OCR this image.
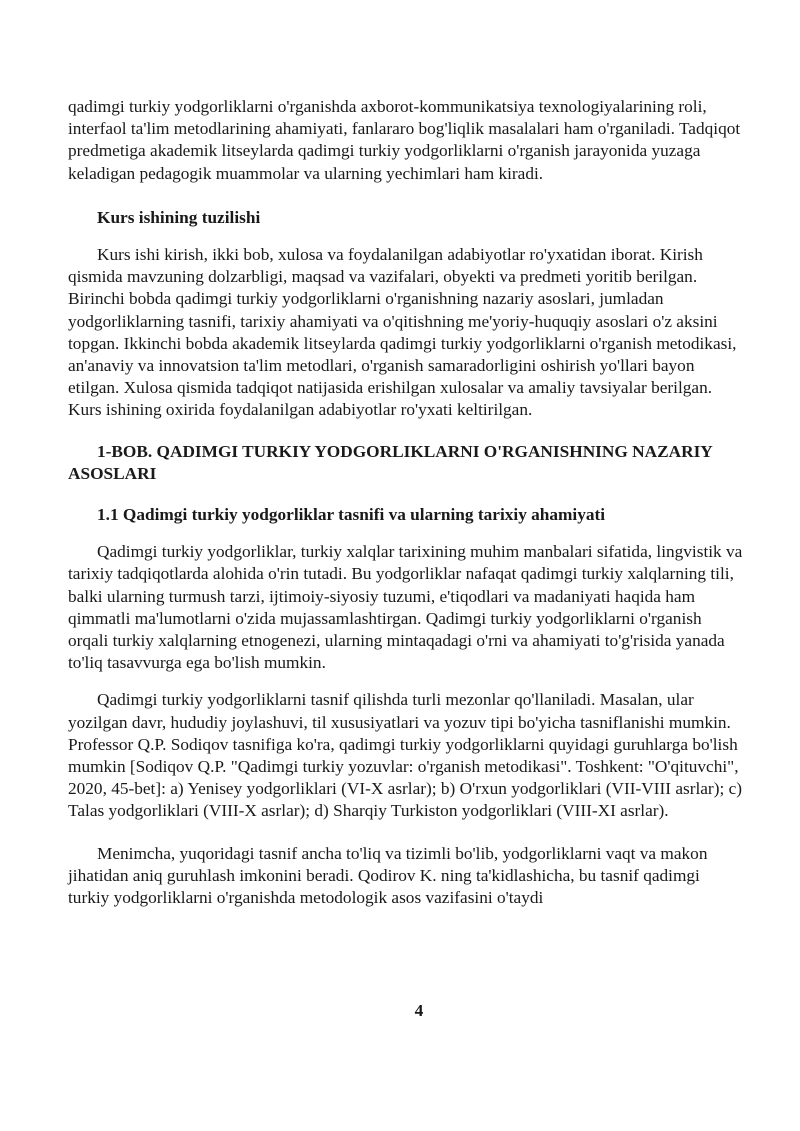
qadimgi turkiy yodgorliklarni o'rganishda axborot-kommunikatsiya texnologiyalarining roli, interfaol ta'lim metodlarining ahamiyati, fanlararo bog'liqlik masalalari ham o'rganiladi. Tadqiqot predmetiga akademik litseylarda qadimgi turkiy yodgorliklarni o'rganish jarayonida yuzaga keladigan pedagogik muammolar va ularning yechimlari ham kiradi.

Kurs ishining tuzilishi

Kurs ishi kirish, ikki bob, xulosa va foydalanilgan adabiyotlar ro'yxatidan iborat. Kirish qismida mavzuning dolzarbligi, maqsad va vazifalari, obyekti va predmeti yoritib berilgan. Birinchi bobda qadimgi turkiy yodgorliklarni o'rganishning nazariy asoslari, jumladan yodgorliklarning tasnifi, tarixiy ahamiyati va o'qitishning me'yoriy-huquqiy asoslari o'z aksini topgan. Ikkinchi bobda akademik litseylarda qadimgi turkiy yodgorliklarni o'rganish metodikasi, an'anaviy va innovatsion ta'lim metodlari, o'rganish samaradorligini oshirish yo'llari bayon etilgan. Xulosa qismida tadqiqot natijasida erishilgan xulosalar va amaliy tavsiyalar berilgan. Kurs ishining oxirida foydalanilgan adabiyotlar ro'yxati keltirilgan.

1-BOB. QADIMGI TURKIY YODGORLIKLARNI O'RGANISHNING NAZARIY ASOSLARI

1.1 Qadimgi turkiy yodgorliklar tasnifi va ularning tarixiy ahamiyati

Qadimgi turkiy yodgorliklar, turkiy xalqlar tarixining muhim manbalari sifatida, lingvistik va tarixiy tadqiqotlarda alohida o'rin tutadi. Bu yodgorliklar nafaqat qadimgi turkiy xalqlarning tili, balki ularning turmush tarzi, ijtimoiy-siyosiy tuzumi, e'tiqodlari va madaniyati haqida ham qimmatli ma'lumotlarni o'zida mujassamlashtirgan. Qadimgi turkiy yodgorliklarni o'rganish orqali turkiy xalqlarning etnogenezi, ularning mintaqadagi o'rni va ahamiyati to'g'risida yanada to'liq tasavvurga ega bo'lish mumkin.

Qadimgi turkiy yodgorliklarni tasnif qilishda turli mezonlar qo'llaniladi. Masalan, ular yozilgan davr, hududiy joylashuvi, til xususiyatlari va yozuv tipi bo'yicha tasniflanishi mumkin. Professor Q.P. Sodiqov tasnifiga ko'ra, qadimgi turkiy yodgorliklarni quyidagi guruhlarga bo'lish mumkin [Sodiqov Q.P. "Qadimgi turkiy yozuvlar: o'rganish metodikasi". Toshkent: "O'qituvchi", 2020, 45-bet]: a) Yenisey yodgorliklari (VI-X asrlar); b) O'rxun yodgorliklari (VII-VIII asrlar); c) Talas yodgorliklari (VIII-X asrlar); d) Sharqiy Turkiston yodgorliklari (VIII-XI asrlar).

Menimcha, yuqoridagi tasnif ancha to'liq va tizimli bo'lib, yodgorliklarni vaqt va makon jihatidan aniq guruhlash imkonini beradi. Qodirov K. ning ta'kidlashicha, bu tasnif qadimgi turkiy yodgorliklarni o'rganishda metodologik asos vazifasini o'taydi

4
